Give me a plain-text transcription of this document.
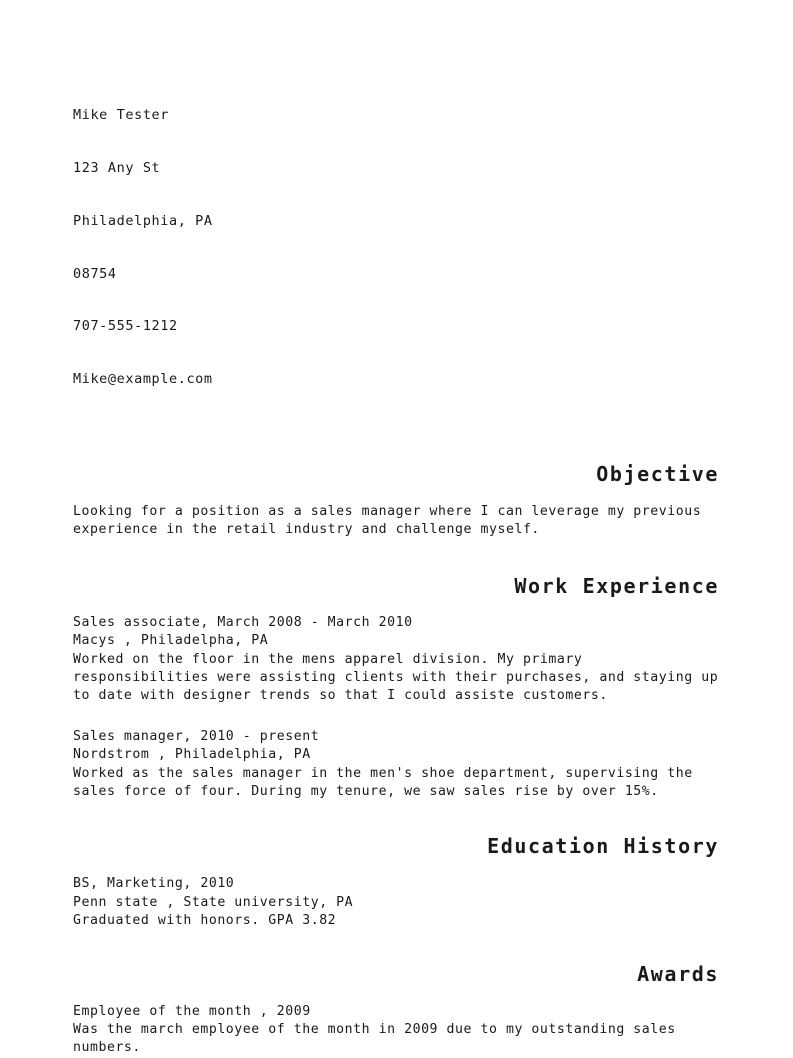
Mike Tester

123 Any St

Philadelphia, PA

08754

707-555-1212

Mike@example.com

Objective

Looking for a position as a sales manager where I can leverage my previous experience in the retail industry and challenge myself.

Work Experience
Sales associate, March 2008 - March 2010
Macys , Philadelpha, PA
Worked on the floor in the mens apparel division. My primary responsibilities were assisting clients with their purchases, and staying up to date with designer trends so that I could assiste customers.
Sales manager, 2010 - present
Nordstrom , Philadelphia, PA
Worked as the sales manager in the men's shoe department, supervising the sales force of four. During my tenure, we saw sales rise by over 15%.
Education History
BS, Marketing, 2010
Penn state , State university, PA
Graduated with honors. GPA 3.82
Awards
Employee of the month , 2009
Was the march employee of the month in 2009 due to my outstanding sales numbers.
